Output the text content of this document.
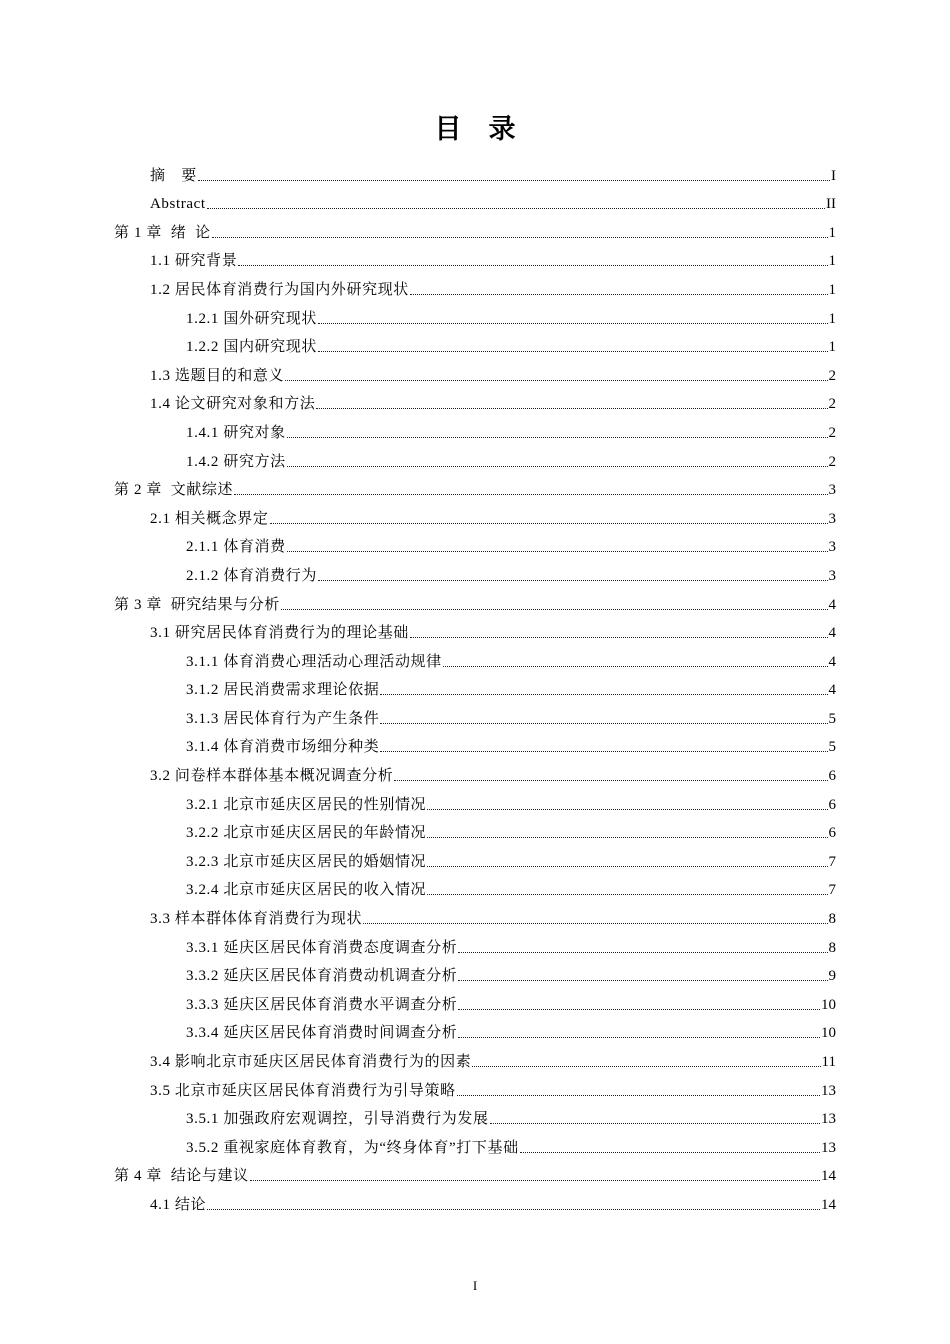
目　录
摘　要	I
Abstract	II
第 1 章  绪  论	1
1.1 研究背景	1
1.2 居民体育消费行为国内外研究现状	1
1.2.1 国外研究现状	1
1.2.2 国内研究现状	1
1.3 选题目的和意义	2
1.4 论文研究对象和方法	2
1.4.1 研究对象	2
1.4.2 研究方法	2
第 2 章  文献综述	3
2.1 相关概念界定	3
2.1.1 体育消费	3
2.1.2 体育消费行为	3
第 3 章  研究结果与分析	4
3.1 研究居民体育消费行为的理论基础	4
3.1.1 体育消费心理活动心理活动规律	4
3.1.2 居民消费需求理论依据	4
3.1.3 居民体育行为产生条件	5
3.1.4 体育消费市场细分种类	5
3.2 问卷样本群体基本概况调查分析	6
3.2.1 北京市延庆区居民的性别情况	6
3.2.2 北京市延庆区居民的年龄情况	6
3.2.3 北京市延庆区居民的婚姻情况	7
3.2.4 北京市延庆区居民的收入情况	7
3.3 样本群体体育消费行为现状	8
3.3.1 延庆区居民体育消费态度调查分析	8
3.3.2 延庆区居民体育消费动机调查分析	9
3.3.3 延庆区居民体育消费水平调查分析	10
3.3.4 延庆区居民体育消费时间调查分析	10
3.4 影响北京市延庆区居民体育消费行为的因素	11
3.5 北京市延庆区居民体育消费行为引导策略	13
3.5.1 加强政府宏观调控，引导消费行为发展	13
3.5.2 重视家庭体育教育，为“终身体育”打下基础	13
第 4 章  结论与建议	14
4.1 结论	14
I
